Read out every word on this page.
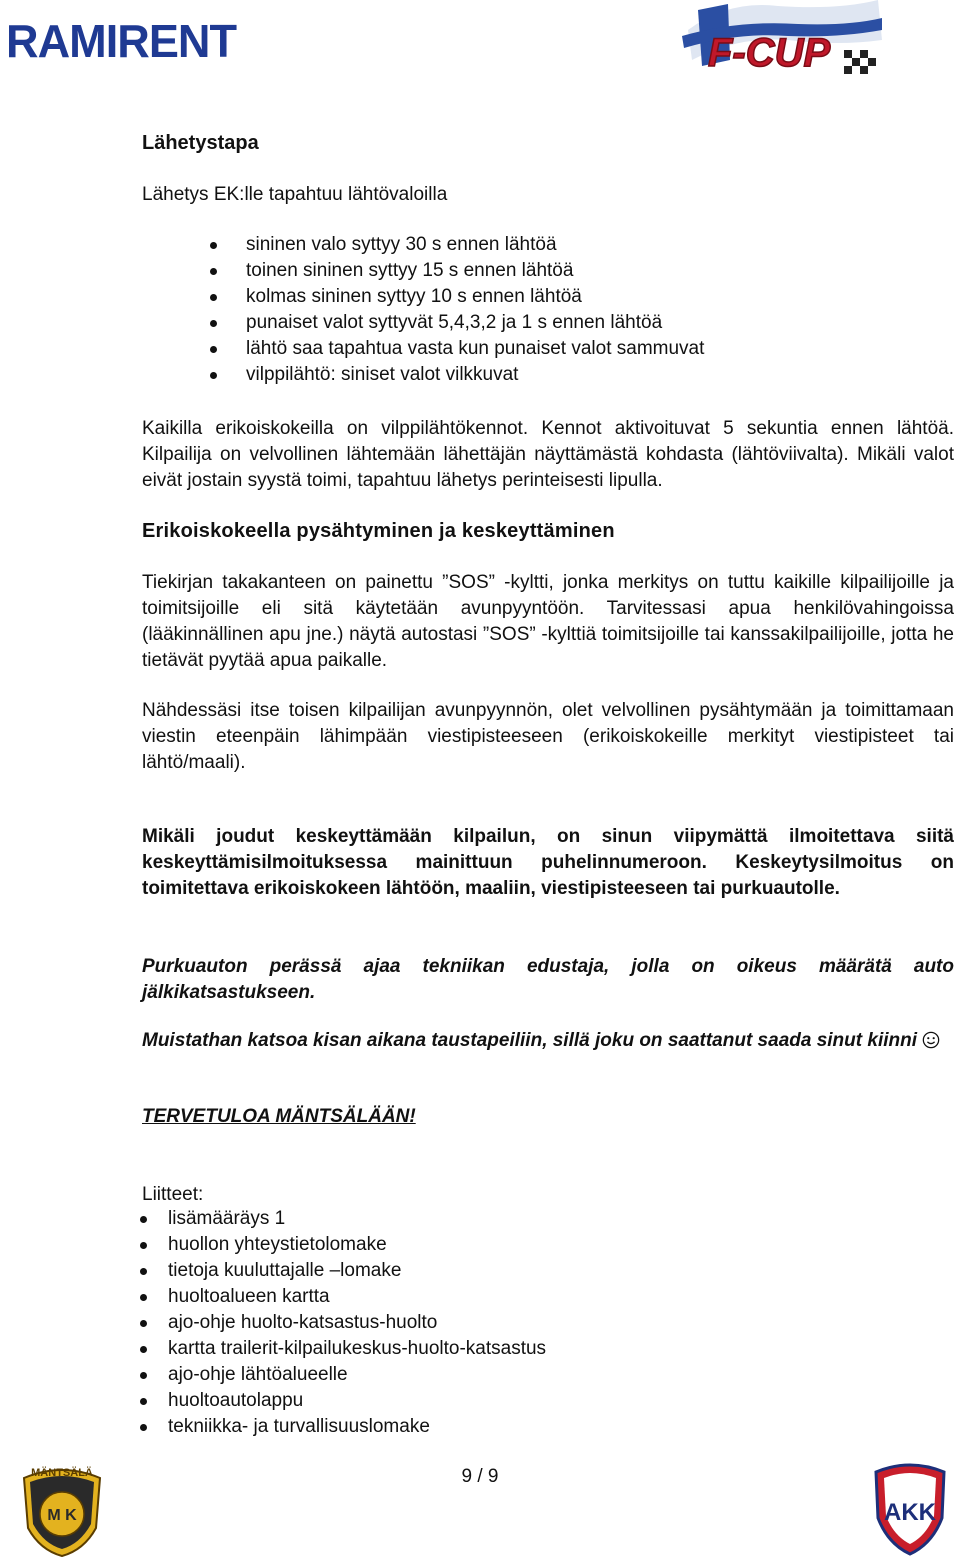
RAMIRENT	F-CUP

Lähetystapa

Lähetys EK:lle tapahtuu lähtövaloilla

sininen valo syttyy 30 s ennen lähtöä
toinen sininen syttyy 15 s ennen lähtöä
kolmas sininen syttyy 10 s ennen lähtöä
punaiset valot syttyvät 5,4,3,2 ja 1 s ennen lähtöä
lähtö saa tapahtua vasta kun punaiset valot sammuvat
vilppilähtö: siniset valot vilkkuvat

Kaikilla erikoiskokeilla on vilppilähtökennot. Kennot aktivoituvat 5 sekuntia ennen lähtöä. Kilpailija on velvollinen lähtemään lähettäjän näyttämästä kohdasta (lähtöviivalta). Mikäli valot eivät jostain syystä toimi, tapahtuu lähetys perinteisesti lipulla.

Erikoiskokeella pysähtyminen ja keskeyttäminen

Tiekirjan takakanteen on painettu ”SOS” -kyltti, jonka merkitys on tuttu kaikille kilpailijoille ja toimitsijoille eli sitä käytetään avunpyyntöön. Tarvitessasi apua henkilövahingoissa (lääkinnällinen apu jne.) näytä autostasi ”SOS” -kylttiä toimitsijoille tai kanssakilpailijoille, jotta he tietävät pyytää apua paikalle.

Nähdessäsi itse toisen kilpailijan avunpyynnön, olet velvollinen pysähtymään ja toimittamaan viestin eteenpäin lähimpään viestipisteeseen (erikoiskokeille merkityt viestipisteet tai lähtö/maali).

Mikäli joudut keskeyttämään kilpailun, on sinun viipymättä ilmoitettava siitä keskeyttämisilmoituksessa mainittuun puhelinnumeroon. Keskeytysilmoitus on toimitettava erikoiskokeen lähtöön, maaliin, viestipisteeseen tai purkuautolle.

Purkuauton perässä ajaa tekniikan edustaja, jolla on oikeus määrätä auto jälkikatsastukseen.

Muistathan katsoa kisan aikana taustapeiliin, sillä joku on saattanut saada sinut kiinni

TERVETULOA MÄNTSÄLÄÄN!

Liitteet:

lisämääräys 1
huollon yhteystietolomake
tietoja kuuluttajalle –lomake
huoltoalueen kartta
ajo-ohje huolto-katsastus-huolto
kartta trailerit-kilpailukeskus-huolto-katsastus
ajo-ohje lähtöalueelle
huoltoautolappu
tekniikka- ja turvallisuuslomake

9 / 9

MÄNTSÄLÄ
M K	AKK
